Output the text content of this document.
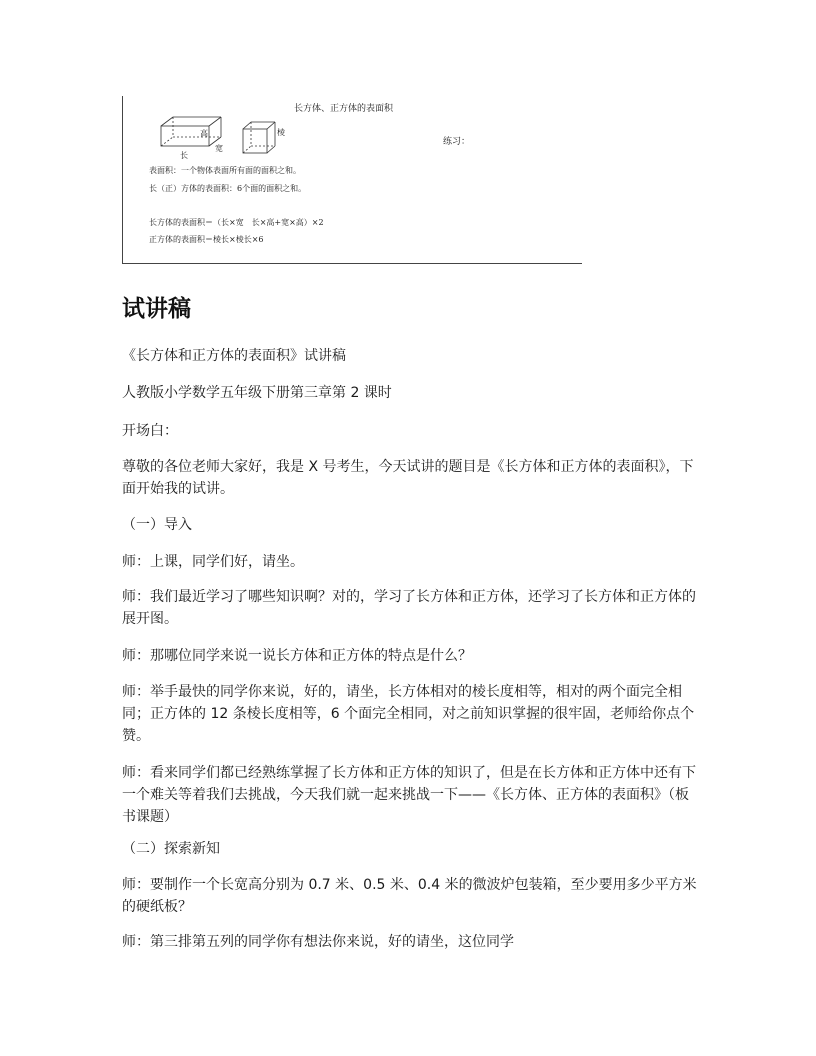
长方体、正方体的表面积
高
宽
长
棱
练习：
表面积：一个物体表面所有面的面积之和。
长（正）方体的表面积：6个面的面积之和。
长方体的表面积＝（长×宽　长×高+宽×高）×2
正方体的表面积＝棱长×棱长×6
试讲稿

《长方体和正方体的表面积》试讲稿

人教版小学数学五年级下册第三章第 2 课时

开场白：

尊敬的各位老师大家好，我是 X 号考生，今天试讲的题目是《长方体和正方体的表面积》，下面开始我的试讲。

（一）导入

师：上课，同学们好，请坐。

师：我们最近学习了哪些知识啊？对的，学习了长方体和正方体，还学习了长方体和正方体的展开图。

师：那哪位同学来说一说长方体和正方体的特点是什么？

师：举手最快的同学你来说，好的，请坐，长方体相对的棱长度相等，相对的两个面完全相同；正方体的 12 条棱长度相等，6 个面完全相同，对之前知识掌握的很牢固，老师给你点个赞。

师：看来同学们都已经熟练掌握了长方体和正方体的知识了，但是在长方体和正方体中还有下一个难关等着我们去挑战，今天我们就一起来挑战一下——《长方体、正方体的表面积》（板书课题）

（二）探索新知

师：要制作一个长宽高分别为 0.7 米、0.5 米、0.4 米的微波炉包装箱，至少要用多少平方米的硬纸板？

师：第三排第五列的同学你有想法你来说，好的请坐，这位同学
